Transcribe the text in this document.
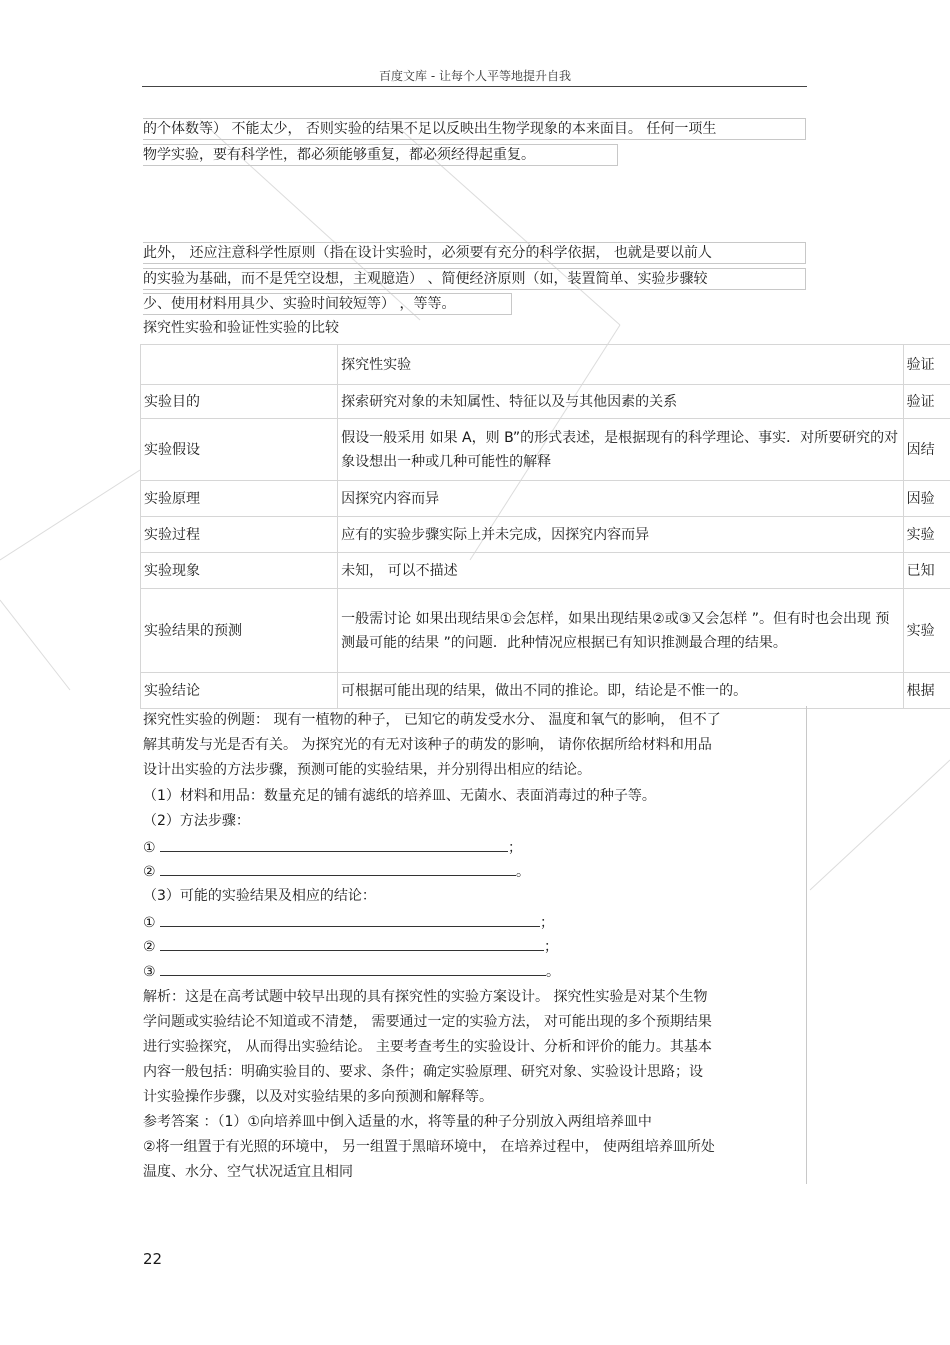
百度文库 - 让每个人平等地提升自我
的个体数等） 不能太少， 否则实验的结果不足以反映出生物学现象的本来面目。 任何一项生
物学实验，要有科学性，都必须能够重复，都必须经得起重复。
此外， 还应注意科学性原则（指在设计实验时，必须要有充分的科学依据， 也就是要以前人
的实验为基础，而不是凭空设想，主观臆造） 、简便经济原则（如，装置简单、实验步骤较
少、使用材料用具少、实验时间较短等） ，等等。
探究性实验和验证性实验的比较
	探究性实验	验证
实验目的	探索研究对象的未知属性、特征以及与其他因素的关系	验证
实验假设	假设一般采用 如果 A，则 B”的形式表述，是根据现有的科学理论、事实．对所要研究的对象设想出一种或几种可能性的解释	因结
实验原理	因探究内容而异	因验
实验过程	应有的实验步骤实际上并未完成，因探究内容而异	实验
实验现象	未知， 可以不描述	已知
实验结果的预测	一般需讨论 如果出现结果①会怎样，如果出现结果②或③又会怎样 ”。但有时也会出现 预测最可能的结果 ”的问题．此种情况应根据已有知识推测最合理的结果。	实验
实验结论	可根据可能出现的结果，做出不同的推论。即，结论是不惟一的。	根据
探究性实验的例题： 现有一植物的种子， 已知它的萌发受水分、 温度和氧气的影响， 但不了
解其萌发与光是否有关。 为探究光的有无对该种子的萌发的影响， 请你依据所给材料和用品
设计出实验的方法步骤，预测可能的实验结果，并分别得出相应的结论。
（1）材料和用品：数量充足的铺有滤纸的培养皿、无菌水、表面消毒过的种子等。
（2）方法步骤：
①	；
②	。
（3）可能的实验结果及相应的结论：
①	；
②	；
③	。
解析：这是在高考试题中较早出现的具有探究性的实验方案设计。 探究性实验是对某个生物
学问题或实验结论不知道或不清楚， 需要通过一定的实验方法， 对可能出现的多个预期结果
进行实验探究， 从而得出实验结论。 主要考查考生的实验设计、分析和评价的能力。其基本
内容一般包括：明确实验目的、要求、条件；确定实验原理、研究对象、实验设计思路；设
计实验操作步骤，以及对实验结果的多向预测和解释等。
参考答案 ：（1）①向培养皿中倒入适量的水，将等量的种子分别放入两组培养皿中
②将一组置于有光照的环境中， 另一组置于黑暗环境中， 在培养过程中， 使两组培养皿所处
温度、水分、空气状况适宜且相同
22
